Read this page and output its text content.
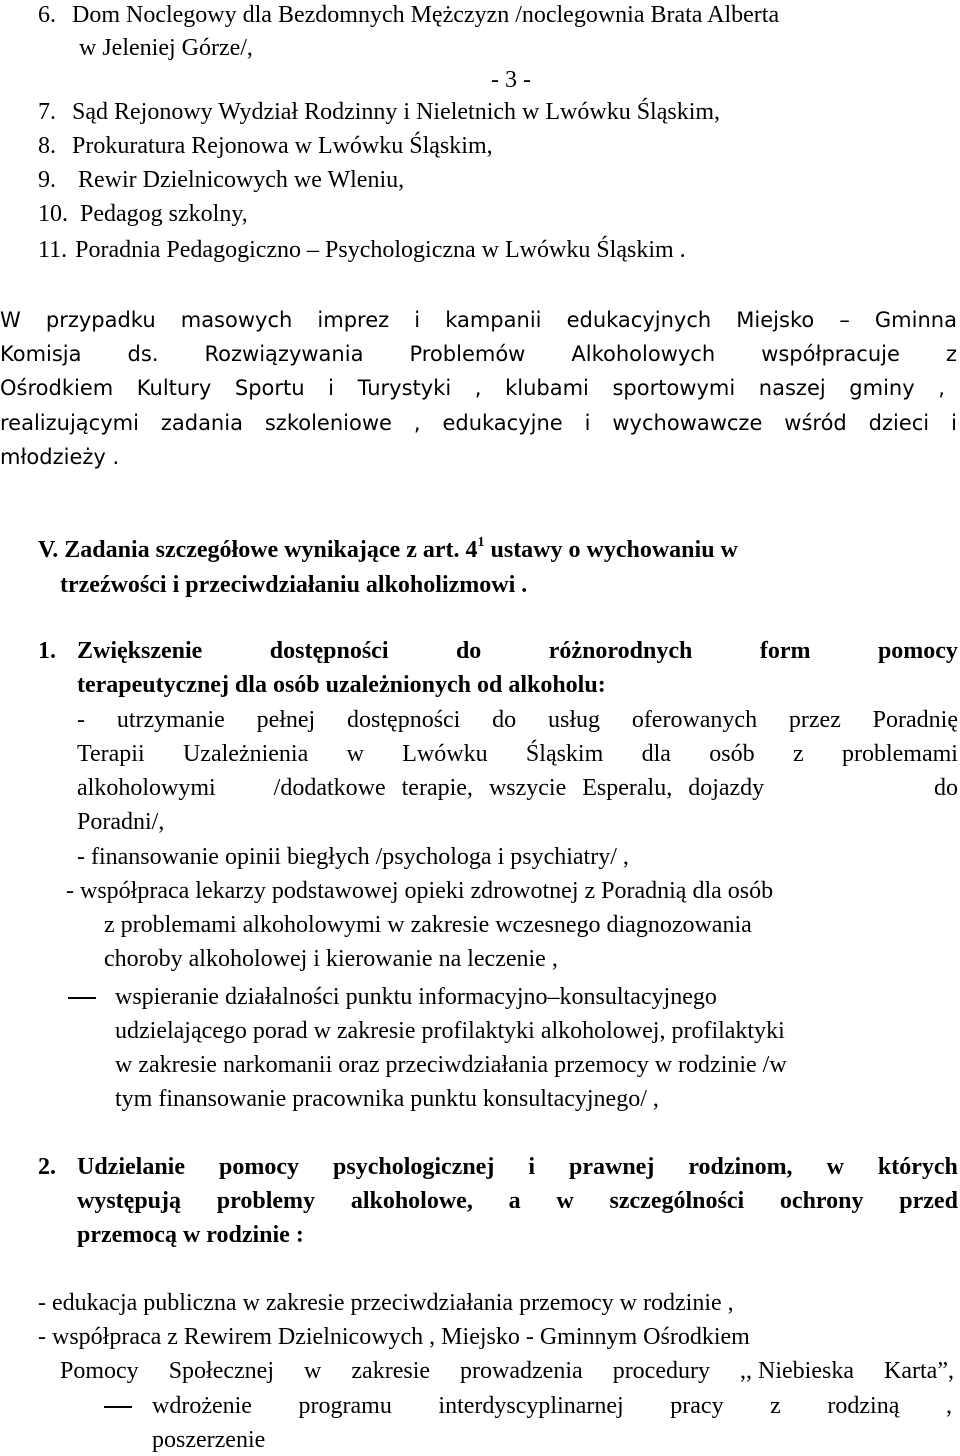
6. Dom Noclegowy dla Bezdomnych Mężczyzn /noclegownia Brata Alberta
w Jeleniej Górze/,
- 3 -
7. Sąd Rejonowy Wydział Rodzinny i Nieletnich w Lwówku Śląskim,
8. Prokuratura Rejonowa w Lwówku Śląskim,
9. Rewir Dzielnicowych we Wleniu,
10. Pedagog szkolny,
11. Poradnia Pedagogiczno – Psychologiczna w Lwówku Śląskim .
W przypadku masowych imprez i kampanii edukacyjnych Miejsko – Gminna
Komisja ds. Rozwiązywania Problemów Alkoholowych współpracuje z
Ośrodkiem Kultury Sportu i Turystyki , klubami sportowymi naszej gminy ,
realizującymi zadania szkoleniowe , edukacyjne i wychowawcze wśród dzieci i
młodzieży .
V. Zadania szczegółowe wynikające z art. $4^1$ ustawy o wychowaniu w
trzeźwości i przeciwdziałaniu alkoholizmowi .
1. Zwiększenie	dostępności	do	różnorodnych	form	pomocy
terapeutycznej dla osób uzależnionych od alkoholu:
- utrzymanie pełnej dostępności do usług oferowanych przez Poradnię
Terapii Uzależnienia w Lwówku Śląskim dla osób z problemami
alkoholowymi /dodatkowe terapie, wszycie Esperalu, dojazdy	do
Poradni/,
- finansowanie opinii biegłych /psychologa i psychiatry/ ,
- współpraca lekarzy podstawowej opieki zdrowotnej z Poradnią dla osób
z problemami alkoholowymi w zakresie wczesnego diagnozowania
choroby alkoholowej i kierowanie na leczenie ,
wspieranie działalności punktu informacyjno–konsultacyjnego
udzielającego porad w zakresie profilaktyki alkoholowej, profilaktyki
w zakresie narkomanii oraz przeciwdziałania przemocy w rodzinie /w
tym finansowanie pracownika punktu konsultacyjnego/ ,
2. Udzielanie pomocy psychologicznej i prawnej rodzinom, w których
występują problemy alkoholowe, a w szczególności ochrony przed
przemocą w rodzinie :
- edukacja publiczna w zakresie przeciwdziałania przemocy w rodzinie ,
- współpraca z Rewirem Dzielnicowych , Miejsko - Gminnym Ośrodkiem
Pomocy Społecznej w zakresie prowadzenia procedury ,, Niebieska Karta”,
wdrożenie programu interdyscyplinarnej pracy z rodziną ,
poszerzenie
